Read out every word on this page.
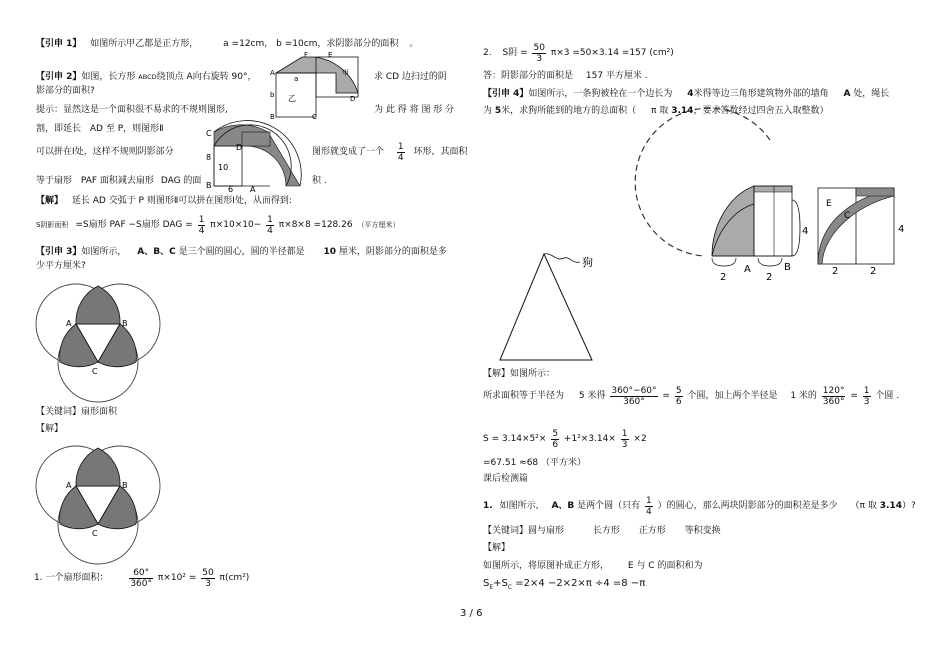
【引申 1】 如图所示甲乙都是正方形，	a =12cm， b =10cm，求阴影部分的面积 。
【引申 2】如图，长方形 ABCD绕顶点 A向右旋转 90°，	求 CD 边扫过的阴
影部分的面积?
提示：显然这是一个面积很不易求的不规则图形,	为 此 得 将 图 形 分
割，即延长 AD 至 P，则图形Ⅱ
可以拼在Ⅰ处，这样不规则阴影部分	图形就变成了一个 $\frac{1}{4}$ 环形，其面积
等于扇形 PAF 面积减去扇形 DAG 的面	积 .
【解】 延长 AD 交弧于 P 则图形Ⅱ可以拼在图形Ⅰ处，从而得到:
S阴影面积 =S扇形 PAF −S扇形 DAG = $\frac{1}{4} \pi\times 10\times 10- \frac{1}{4} \pi\times 8\times 8 =128.26$ （平方厘米）
【引申 3】如图所示， A、B、C 是三个圆的圆心，圆的半径都是 10 厘米，阴影部分的面积是多
少平方厘米?
【关键词】扇形面积
【解】
1. 一个扇形面积： $\frac{60^\circ}{360^\circ} \pi\times 10^2 = \frac{50}{3} \pi(cm^2)$
A
F	E
甲
乙
b
a
B	C
D
C
8
B
10
D
6 A
A	B
C
A	B
C
2. S阴 = $\frac{50}{3} \pi\times 3 =50\times 3.14 =157$ (cm²)
答：阴影部分的面积是 157 平方厘米 .
【引申 4】如图所示，一条狗被栓在一个边长为 4米得等边三角形建筑物外部的墙角 A 处，绳长
为 5米，求狗所能到的地方的总面积（ π 取 3.14，要求答数经过四舍五入取整数）
狗
4
2
A
2
B
E
C
4
2	2
【解】如图所示：
所求面积等于半径为 5 米得 $\frac{360^\circ-60^\circ}{360^\circ} = \frac{5}{6}$ 个圆，加上两个半径是 1 米的 $\frac{120^\circ}{360^\circ} = \frac{1}{3}$ 个圆 .
$S = 3.14\times 5^2\times \frac{5}{6} +1^2\times 3.14\times \frac{1}{3} \times 2$
=67.51 ≈68 （平方米）
课后检测篇
1. 如图所示， A、B 是两个圆（只有 $\frac{1}{4}$ ）的圆心，那么两块阴影部分的面积差是多少 （π 取 3.14）?
【关键词】圆与扇形	长方形 正方形 等积变换
【解】
如图所示，将原图补成正方形， E 与 C 的面积和为
$S_E+S_C =2\times 4 -2\times 2\times\pi \div 4 =8 -\pi$
3 / 6
